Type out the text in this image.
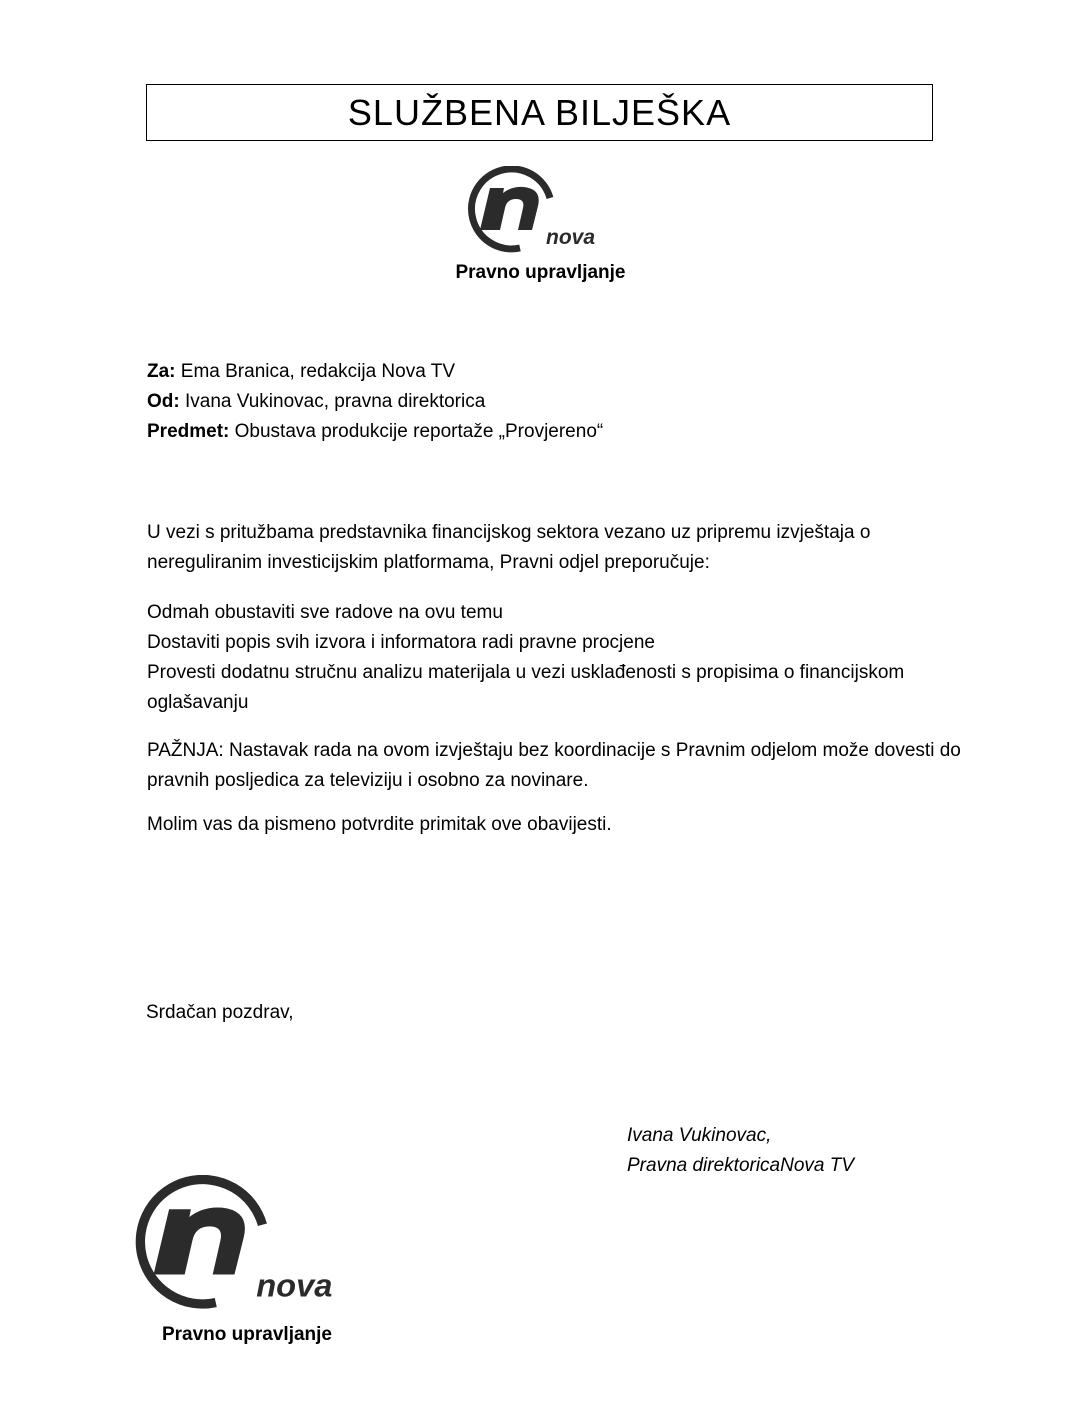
SLUŽBENA BILJEŠKA
nova
Pravno upravljanje
Za: Ema Branica, redakcija Nova TV
Od: Ivana Vukinovac, pravna direktorica
Predmet: Obustava produkcije reportaže „Provjereno“

U vezi s pritužbama predstavnika financijskog sektora vezano uz pripremu izvještaja o nereguliranim investicijskim platformama, Pravni odjel preporučuje:

Odmah obustaviti sve radove na ovu temu
Dostaviti popis svih izvora i informatora radi pravne procjene
Provesti dodatnu stručnu analizu materijala u vezi usklađenosti s propisima o financijskom oglašavanju

PAŽNJA: Nastavak rada na ovom izvještaju bez koordinacije s Pravnim odjelom može dovesti do pravnih posljedica za televiziju i osobno za novinare.

Molim vas da pismeno potvrdite primitak ove obavijesti.

Srdačan pozdrav,
Ivana Vukinovac,
Pravna direktoricaNova TV
nova
Pravno upravljanje
